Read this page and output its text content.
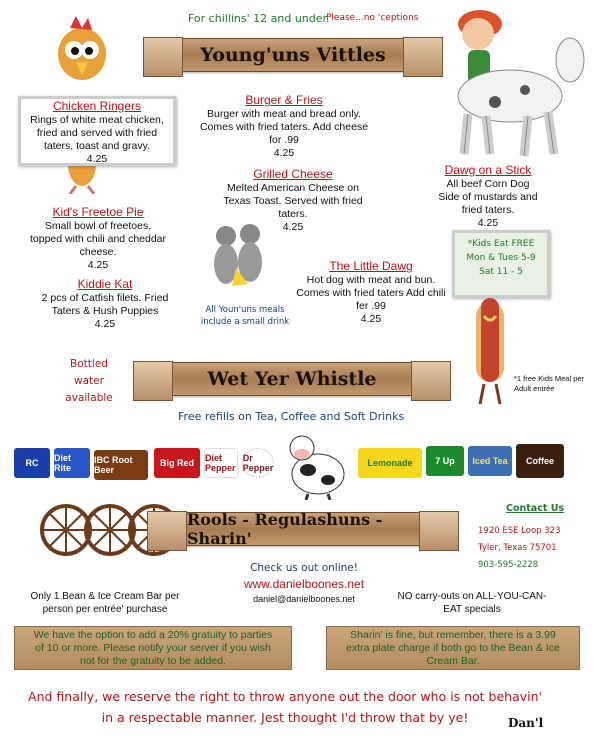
For chillins' 12 and under.
Please...no 'ceptions
Young'uns Vittles
Chicken Ringers
Rings of white meat chicken, fried and served with fried taters, toast and gravy.
4.25
Burger & Fries
Burger with meat and bread only. Comes with fried taters. Add cheese for .99
4.25
Dawg on a Stick
All beef Corn Dog Side of mustards and fried taters.
4.25
Grilled Cheese
Melted American Cheese on Texas Toast. Served with fried taters.
4.25
Kid's Freetoe Pie
Small bowl of freetoes, topped with chili and cheddar cheese.
4.25
*Kids Eat FREE
Mon & Tues 5-9
Sat 11 - 5
Kiddie Kat
2 pcs of Catfish filets. Fried Taters & Hush Puppies
4.25
The Little Dawg
Hot dog with meat and bun. Comes with fried taters Add chili fer .99
4.25
All Youn'uns meals include a small drink
Bottled water available
Wet Yer Whistle	*1 free Kids Meal per Adult entrée
Free refills on Tea, Coffee and Soft Drinks
RC	Diet Rite
IBC Root Beer
Big Red	Diet Pepper
Dr Pepper	Lemonade	7 Up	Iced Tea	Coffee
Rools - Regulashuns - Sharin'
Contact Us
1920 ESE Loop 323
Tyler, Texas 75701
903-595-2228
Check us out online!
www.danielboones.net
daniel@danielboones.net
Only 1 Bean & Ice Cream Bar per person per entrée' purchase
NO carry-outs on ALL-YOU-CAN-EAT specials
We have the option to add a 20% gratuity to parties of 10 or more. Please notify your server if you wish not for the gratuity to be added.
Sharin' is fine, but remember, there is a 3.99 extra plate charge if both go to the Bean & Ice Cream Bar.
And finally, we reserve the right to throw anyone out the door who is not behavin' in a respectable manner. Jest thought I'd throw that by ye!	Dan'l
